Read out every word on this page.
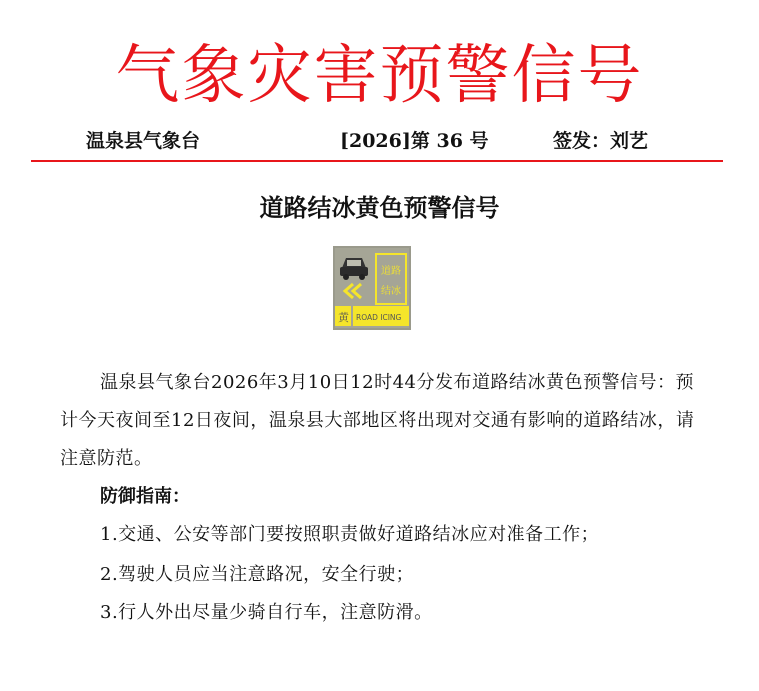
气象灾害预警信号
温泉县气象台	[2026]第 36 号	签发：刘艺
道路结冰黄色预警信号
道路结冰
黄 ROAD ICING

温泉县气象台2026年3月10日12时44分发布道路结冰黄色预警信号：预计今天夜间至12日夜间，温泉县大部地区将出现对交通有影响的道路结冰，请注意防范。

防御指南：
1.交通、公安等部门要按照职责做好道路结冰应对准备工作；
2.驾驶人员应当注意路况，安全行驶；
3.行人外出尽量少骑自行车，注意防滑。
